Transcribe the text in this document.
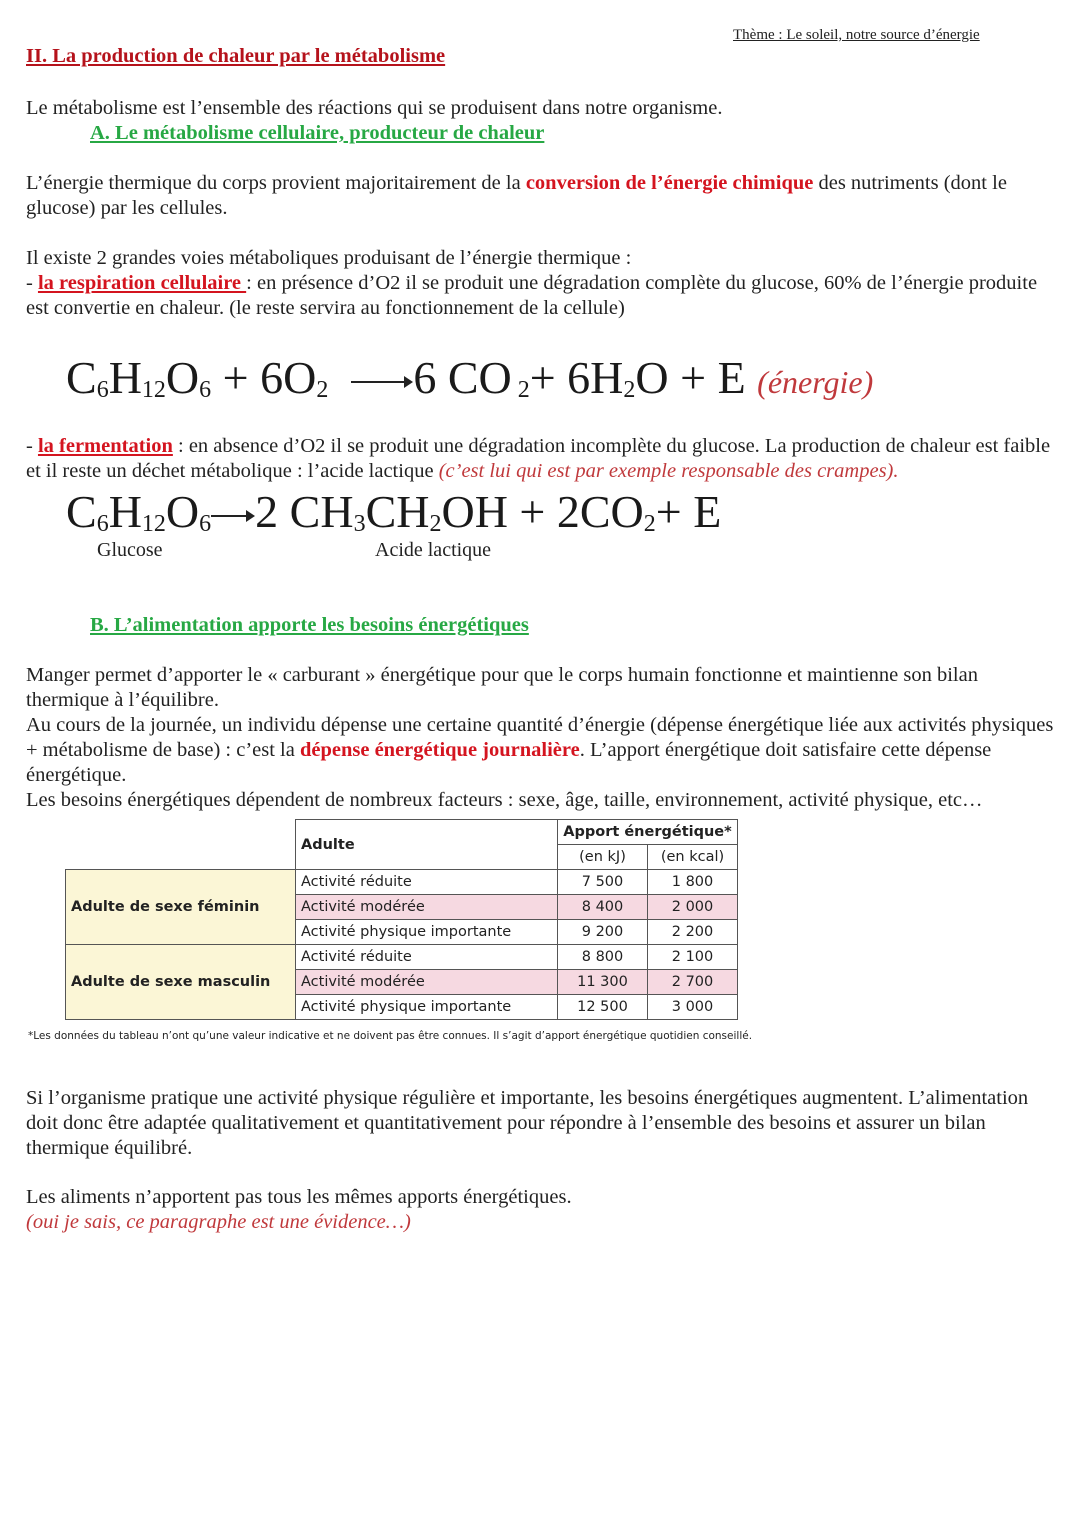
Thème : Le soleil, notre source d’énergie
II. La production de chaleur par le métabolisme

Le métabolisme est l’ensemble des réactions qui se produisent dans notre organisme.

A. Le métabolisme cellulaire, producteur de chaleur

L’énergie thermique du corps provient majoritairement de la conversion de l’énergie chimique des nutriments (dont le glucose) par les cellules.

Il existe 2 grandes voies métaboliques produisant de l’énergie thermique :

- la respiration cellulaire : en présence d’O2 il se produit une dégradation complète du glucose, 60% de l’énergie produite est convertie en chaleur. (le reste servira au fonctionnement de la cellule)

$C_6H_{12}O_6 + 6O_2$ 6 CO $_2+ 6H_2O + E$ (énergie)

- la fermentation : en absence d’O2 il se produit une dégradation incomplète du glucose. La production de chaleur est faible et il reste un déchet métabolique : l’acide lactique (c’est lui qui est par exemple responsable des crampes).

$C_6H_{12}O_6$ 2 $CH_3CH_2OH + 2CO_2+ E$
Glucose	Acide lactique
B. L’alimentation apporte les besoins énergétiques

Manger permet d’apporter le « carburant » énergétique pour que le corps humain fonctionne et maintienne son bilan thermique à l’équilibre.

Au cours de la journée, un individu dépense une certaine quantité d’énergie (dépense énergétique liée aux activités physiques + métabolisme de base) : c’est la dépense énergétique journalière. L’apport énergétique doit satisfaire cette dépense énergétique.

Les besoins énergétiques dépendent de nombreux facteurs : sexe, âge, taille, environnement, activité physique, etc…

	Adulte	Apport énergétique*	
		(en kJ)	(en kcal)
Adulte de sexe féminin	Activité réduite	7 500	1 800
	Activité modérée	8 400	2 000
	Activité physique importante	9 200	2 200
Adulte de sexe masculin	Activité réduite	8 800	2 100
	Activité modérée	11 300	2 700
	Activité physique importante	12 500	3 000
*Les données du tableau n’ont qu’une valeur indicative et ne doivent pas être connues. Il s’agit d’apport énergétique quotidien conseillé.

Si l’organisme pratique une activité physique régulière et importante, les besoins énergétiques augmentent. L’alimentation doit donc être adaptée qualitativement et quantitativement pour répondre à l’ensemble des besoins et assurer un bilan thermique équilibré.

Les aliments n’apportent pas tous les mêmes apports énergétiques.

(oui je sais, ce paragraphe est une évidence…)
